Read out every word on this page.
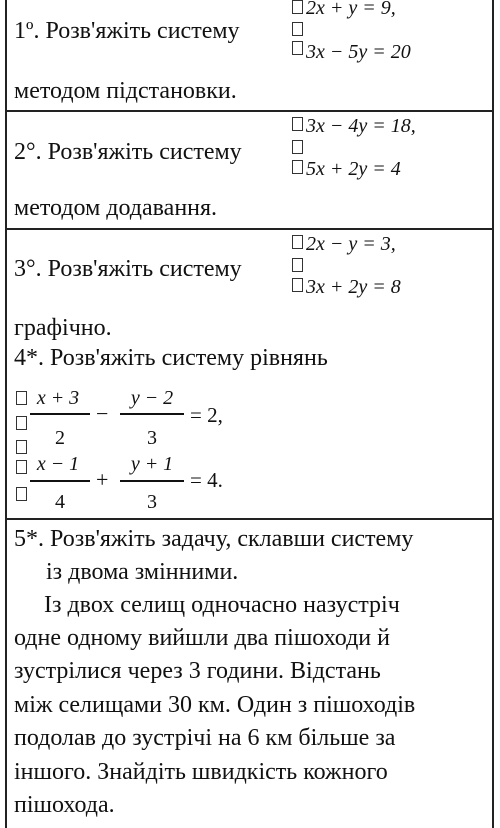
1º. Розв'яжіть систему
2x + y = 9,
3x − 5y = 20
методом підстановки.
3x − 4y = 18,
2°. Розв'яжіть систему
5x + 2y = 4
методом додавання.
2x − y = 3,
3°. Розв'яжіть систему
3x + 2y = 8
графічно.
4*. Розв'яжіть систему рівнянь
x + 3
2
−
y − 2
3
= 2,
x − 1
4
+
y + 1
3
= 4.
5*. Розв'яжіть задачу, склавши систему
із двома змінними.
Із двох селищ одночасно назустріч
одне одному вийшли два пішоходи й
зустрілися через 3 години. Відстань
між селищами 30 км. Один з пішоходів
подолав до зустрічі на 6 км більше за
іншого. Знайдіть швидкість кожного
пішохода.
